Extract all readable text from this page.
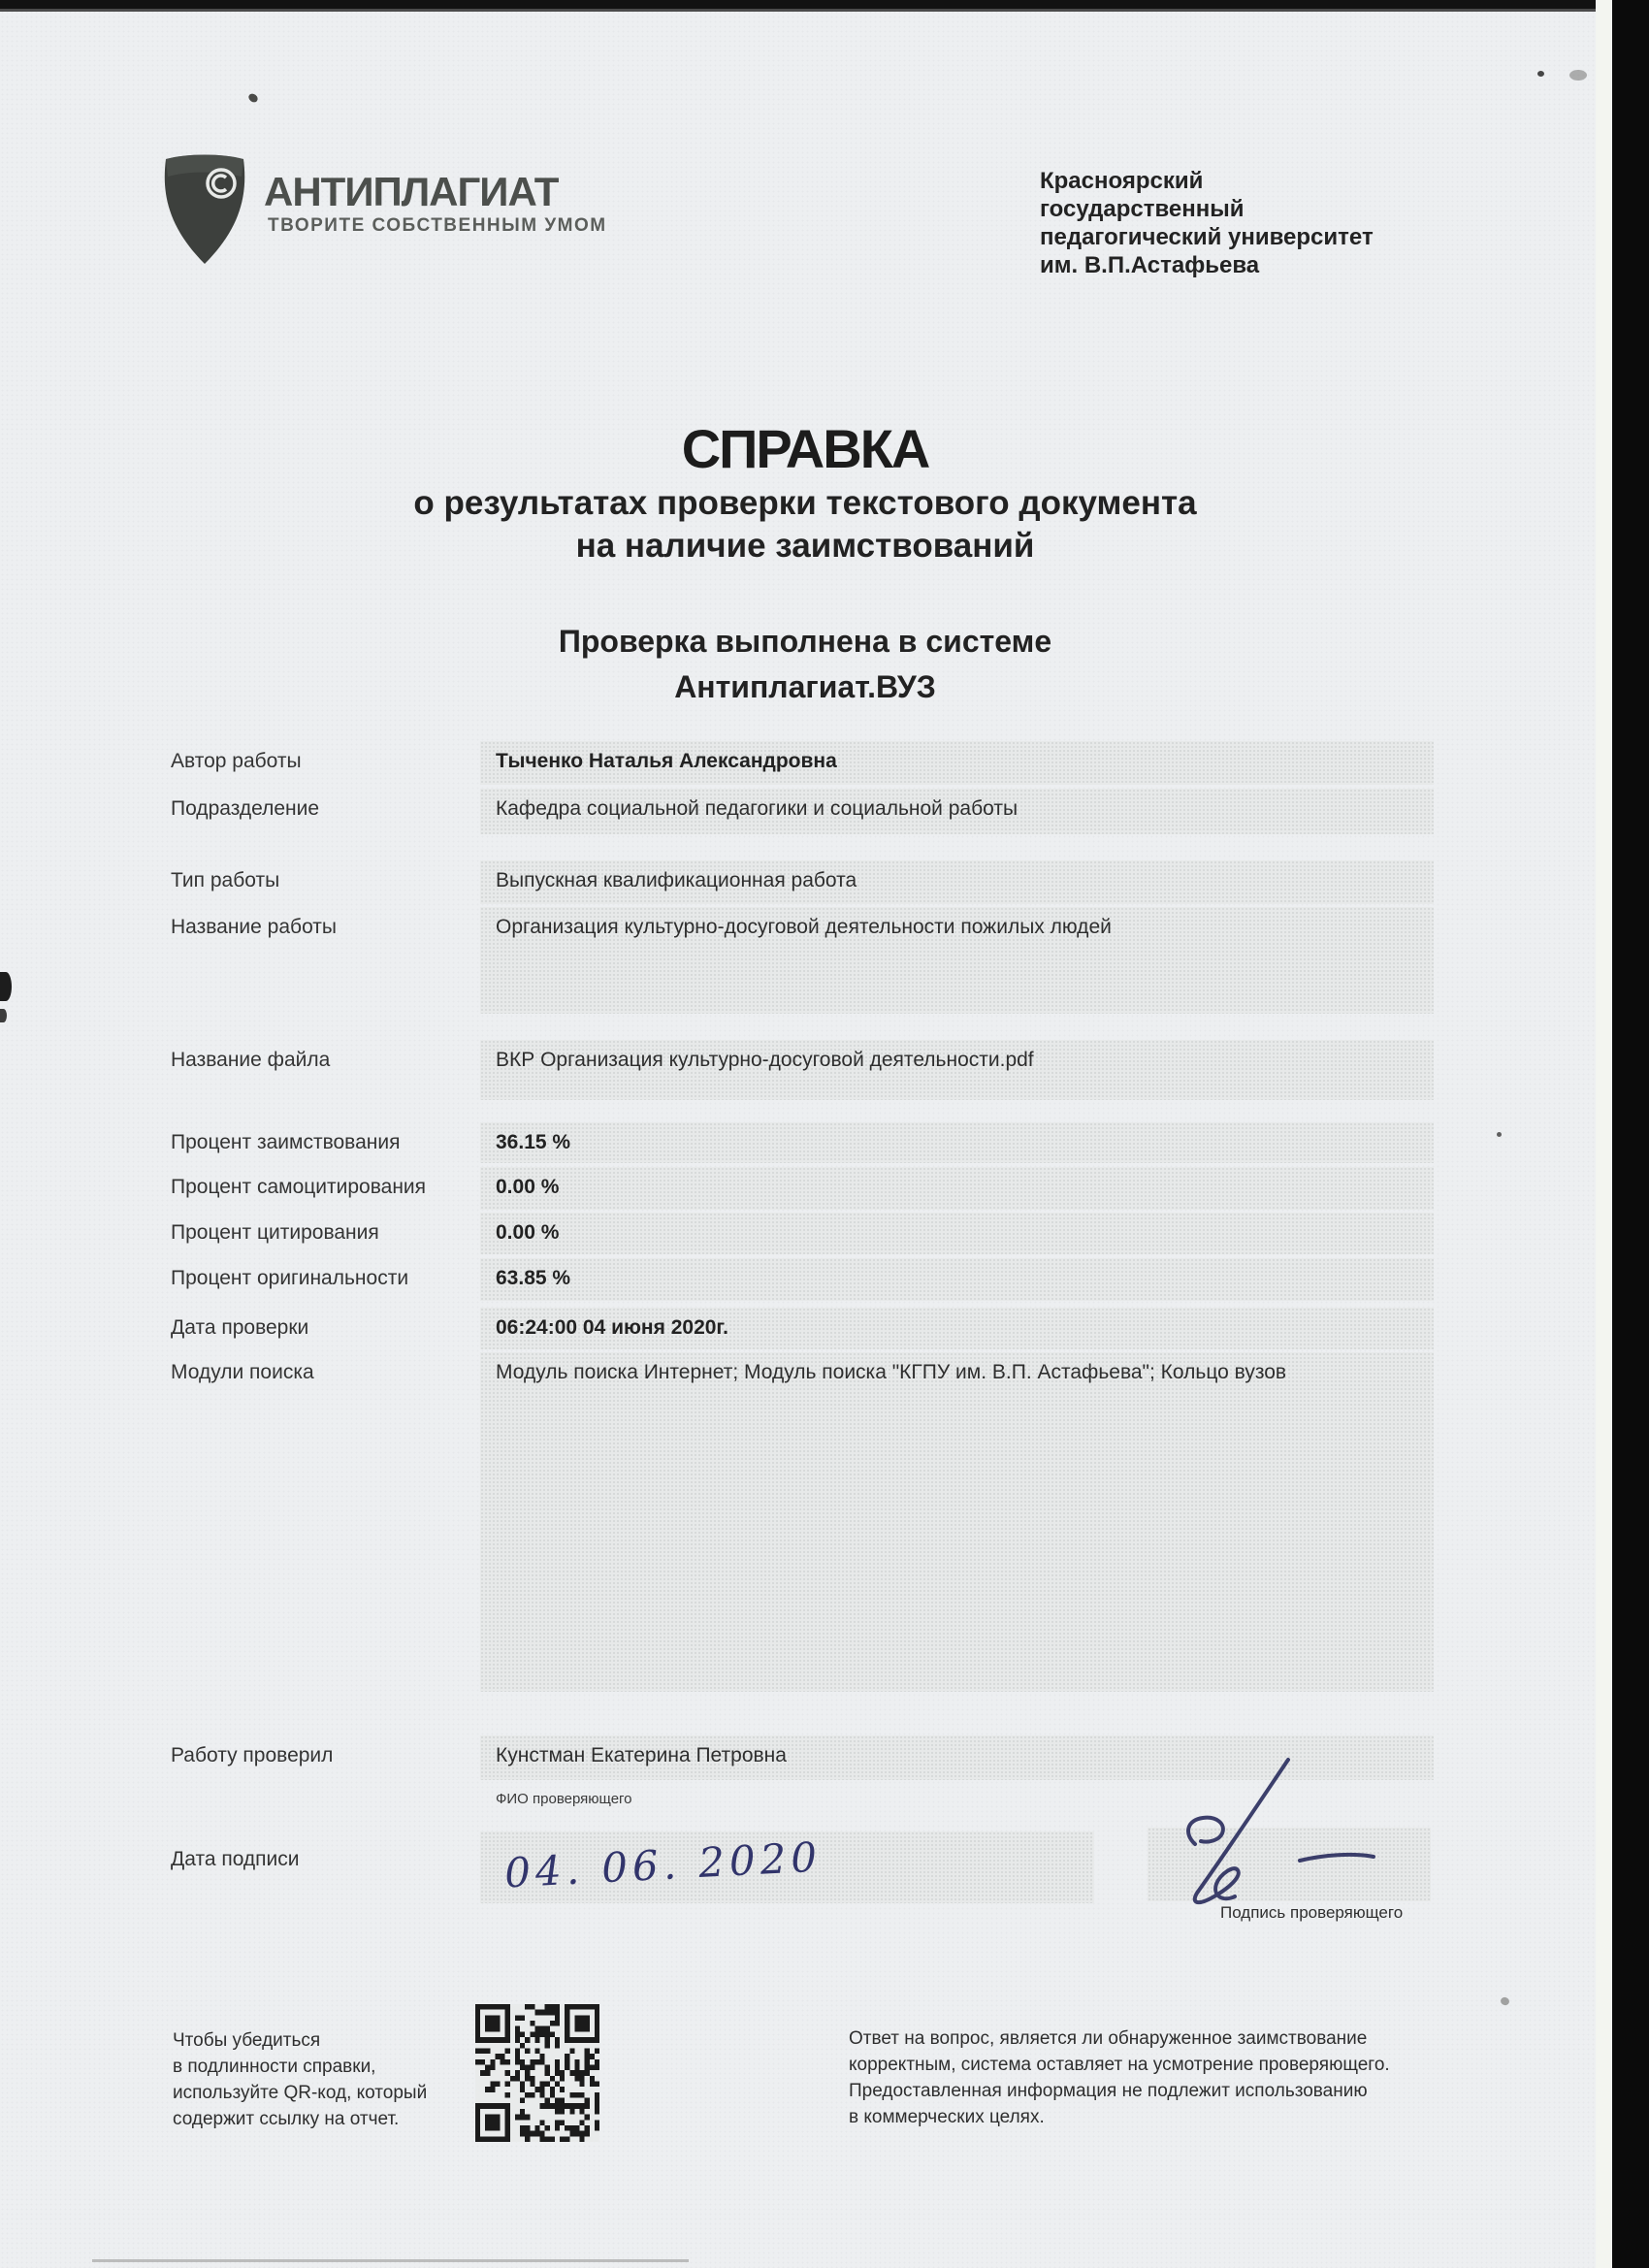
АНТИПЛАГИАТ
ТВОРИТЕ СОБСТВЕННЫМ УМОМ
Красноярский
государственный
педагогический университет
им. В.П.Астафьева
СПРАВКА
о результатах проверки текстового документа
на наличие заимствований
Проверка выполнена в системе
Антиплагиат.ВУЗ
Автор работы	Тыченко Наталья Александровна
Подразделение	Кафедра социальной педагогики и социальной работы
Тип работы	Выпускная квалификационная работа
Название работы	Организация культурно-досуговой деятельности пожилых людей
Название файла	ВКР Организация культурно-досуговой деятельности.pdf
Процент заимствования	36.15 %
Процент самоцитирования	0.00 %
Процент цитирования	0.00 %
Процент оригинальности	63.85 %
Дата проверки	06:24:00 04 июня 2020г.
Модули поиска	Модуль поиска Интернет; Модуль поиска "КГПУ им. В.П. Астафьева"; Кольцо вузов
Работу проверил	Кунстман Екатерина Петровна
ФИО проверяющего
Дата подписи	04. 06. 2020
Подпись проверяющего
Чтобы убедиться
в подлинности справки,
используйте QR-код, который
содержит ссылку на отчет.
Ответ на вопрос, является ли обнаруженное заимствование
корректным, система оставляет на усмотрение проверяющего.
Предоставленная информация не подлежит использованию
в коммерческих целях.
